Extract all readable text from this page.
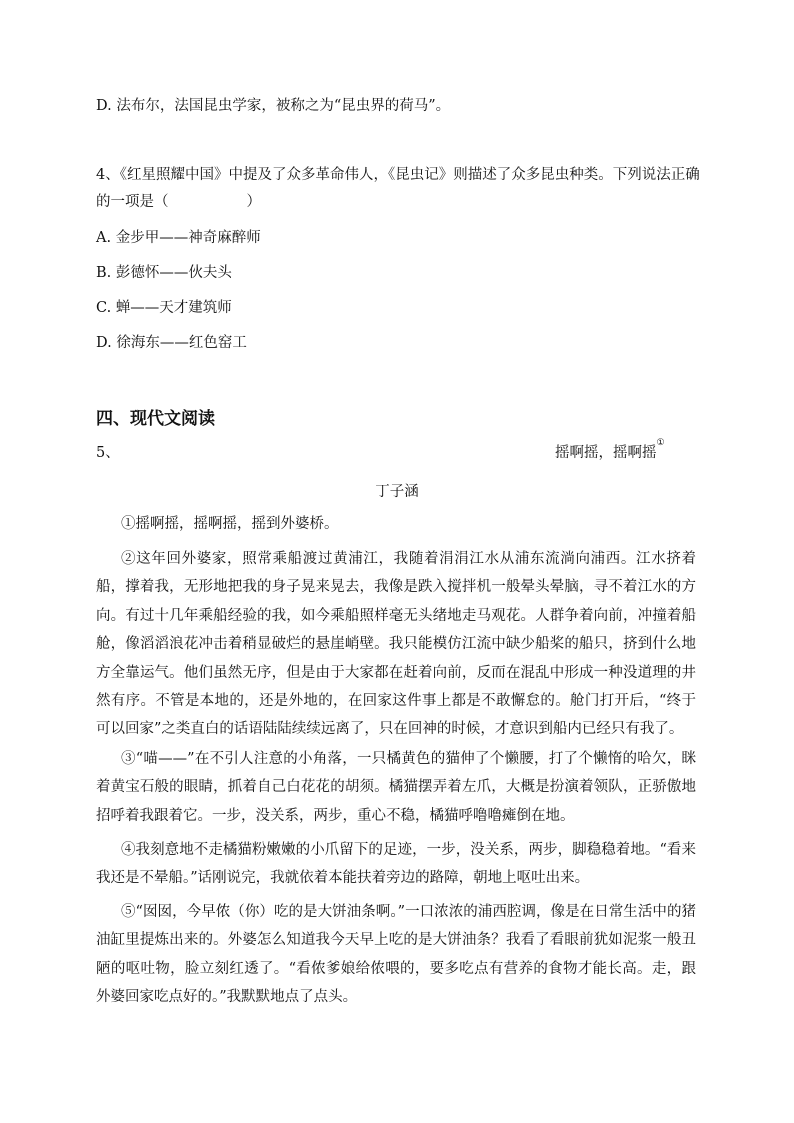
D. 法布尔，法国昆虫学家，被称之为“昆虫界的荷马”。
4、《红星照耀中国》中提及了众多革命伟人，《昆虫记》则描述了众多昆虫种类。下列说法正确
的一项是（	）
A. 金步甲——神奇麻醉师
B. 彭德怀——伙夫头
C. 蝉——天才建筑师
D. 徐海东——红色窑工
四、现代文阅读
5、	摇啊摇，摇啊摇①
丁子涵

①摇啊摇，摇啊摇，摇到外婆桥。

②这年回外婆家，照常乘船渡过黄浦江，我随着涓涓江水从浦东流淌向浦西。江水挤着船，撑着我，无形地把我的身子晃来晃去，我像是跌入搅拌机一般晕头晕脑，寻不着江水的方向。有过十几年乘船经验的我，如今乘船照样毫无头绪地走马观花。人群争着向前，冲撞着船舱，像滔滔浪花冲击着稍显破烂的悬崖峭壁。我只能模仿江流中缺少船桨的船只，挤到什么地方全靠运气。他们虽然无序，但是由于大家都在赶着向前，反而在混乱中形成一种没道理的井然有序。不管是本地的，还是外地的，在回家这件事上都是不敢懈怠的。舱门打开后，“终于可以回家”之类直白的话语陆陆续续远离了，只在回神的时候，才意识到船内已经只有我了。

③“喵——”在不引人注意的小角落，一只橘黄色的猫伸了个懒腰，打了个懒惰的哈欠，眯着黄宝石般的眼睛，抓着自己白花花的胡须。橘猫摆弄着左爪，大概是扮演着领队，正骄傲地招呼着我跟着它。一步，没关系，两步，重心不稳，橘猫呼噜噜瘫倒在地。

④我刻意地不走橘猫粉嫩嫩的小爪留下的足迹，一步，没关系，两步，脚稳稳着地。“看来我还是不晕船。”话刚说完，我就依着本能扶着旁边的路障，朝地上呕吐出来。

⑤“囡囡，今早侬（你）吃的是大饼油条啊。”一口浓浓的浦西腔调，像是在日常生活中的猪油缸里提炼出来的。外婆怎么知道我今天早上吃的是大饼油条？我看了看眼前犹如泥浆一般丑陋的呕吐物，脸立刻红透了。“看侬爹娘给侬喂的，要多吃点有营养的食物才能长高。走，跟外婆回家吃点好的。”我默默地点了点头。
